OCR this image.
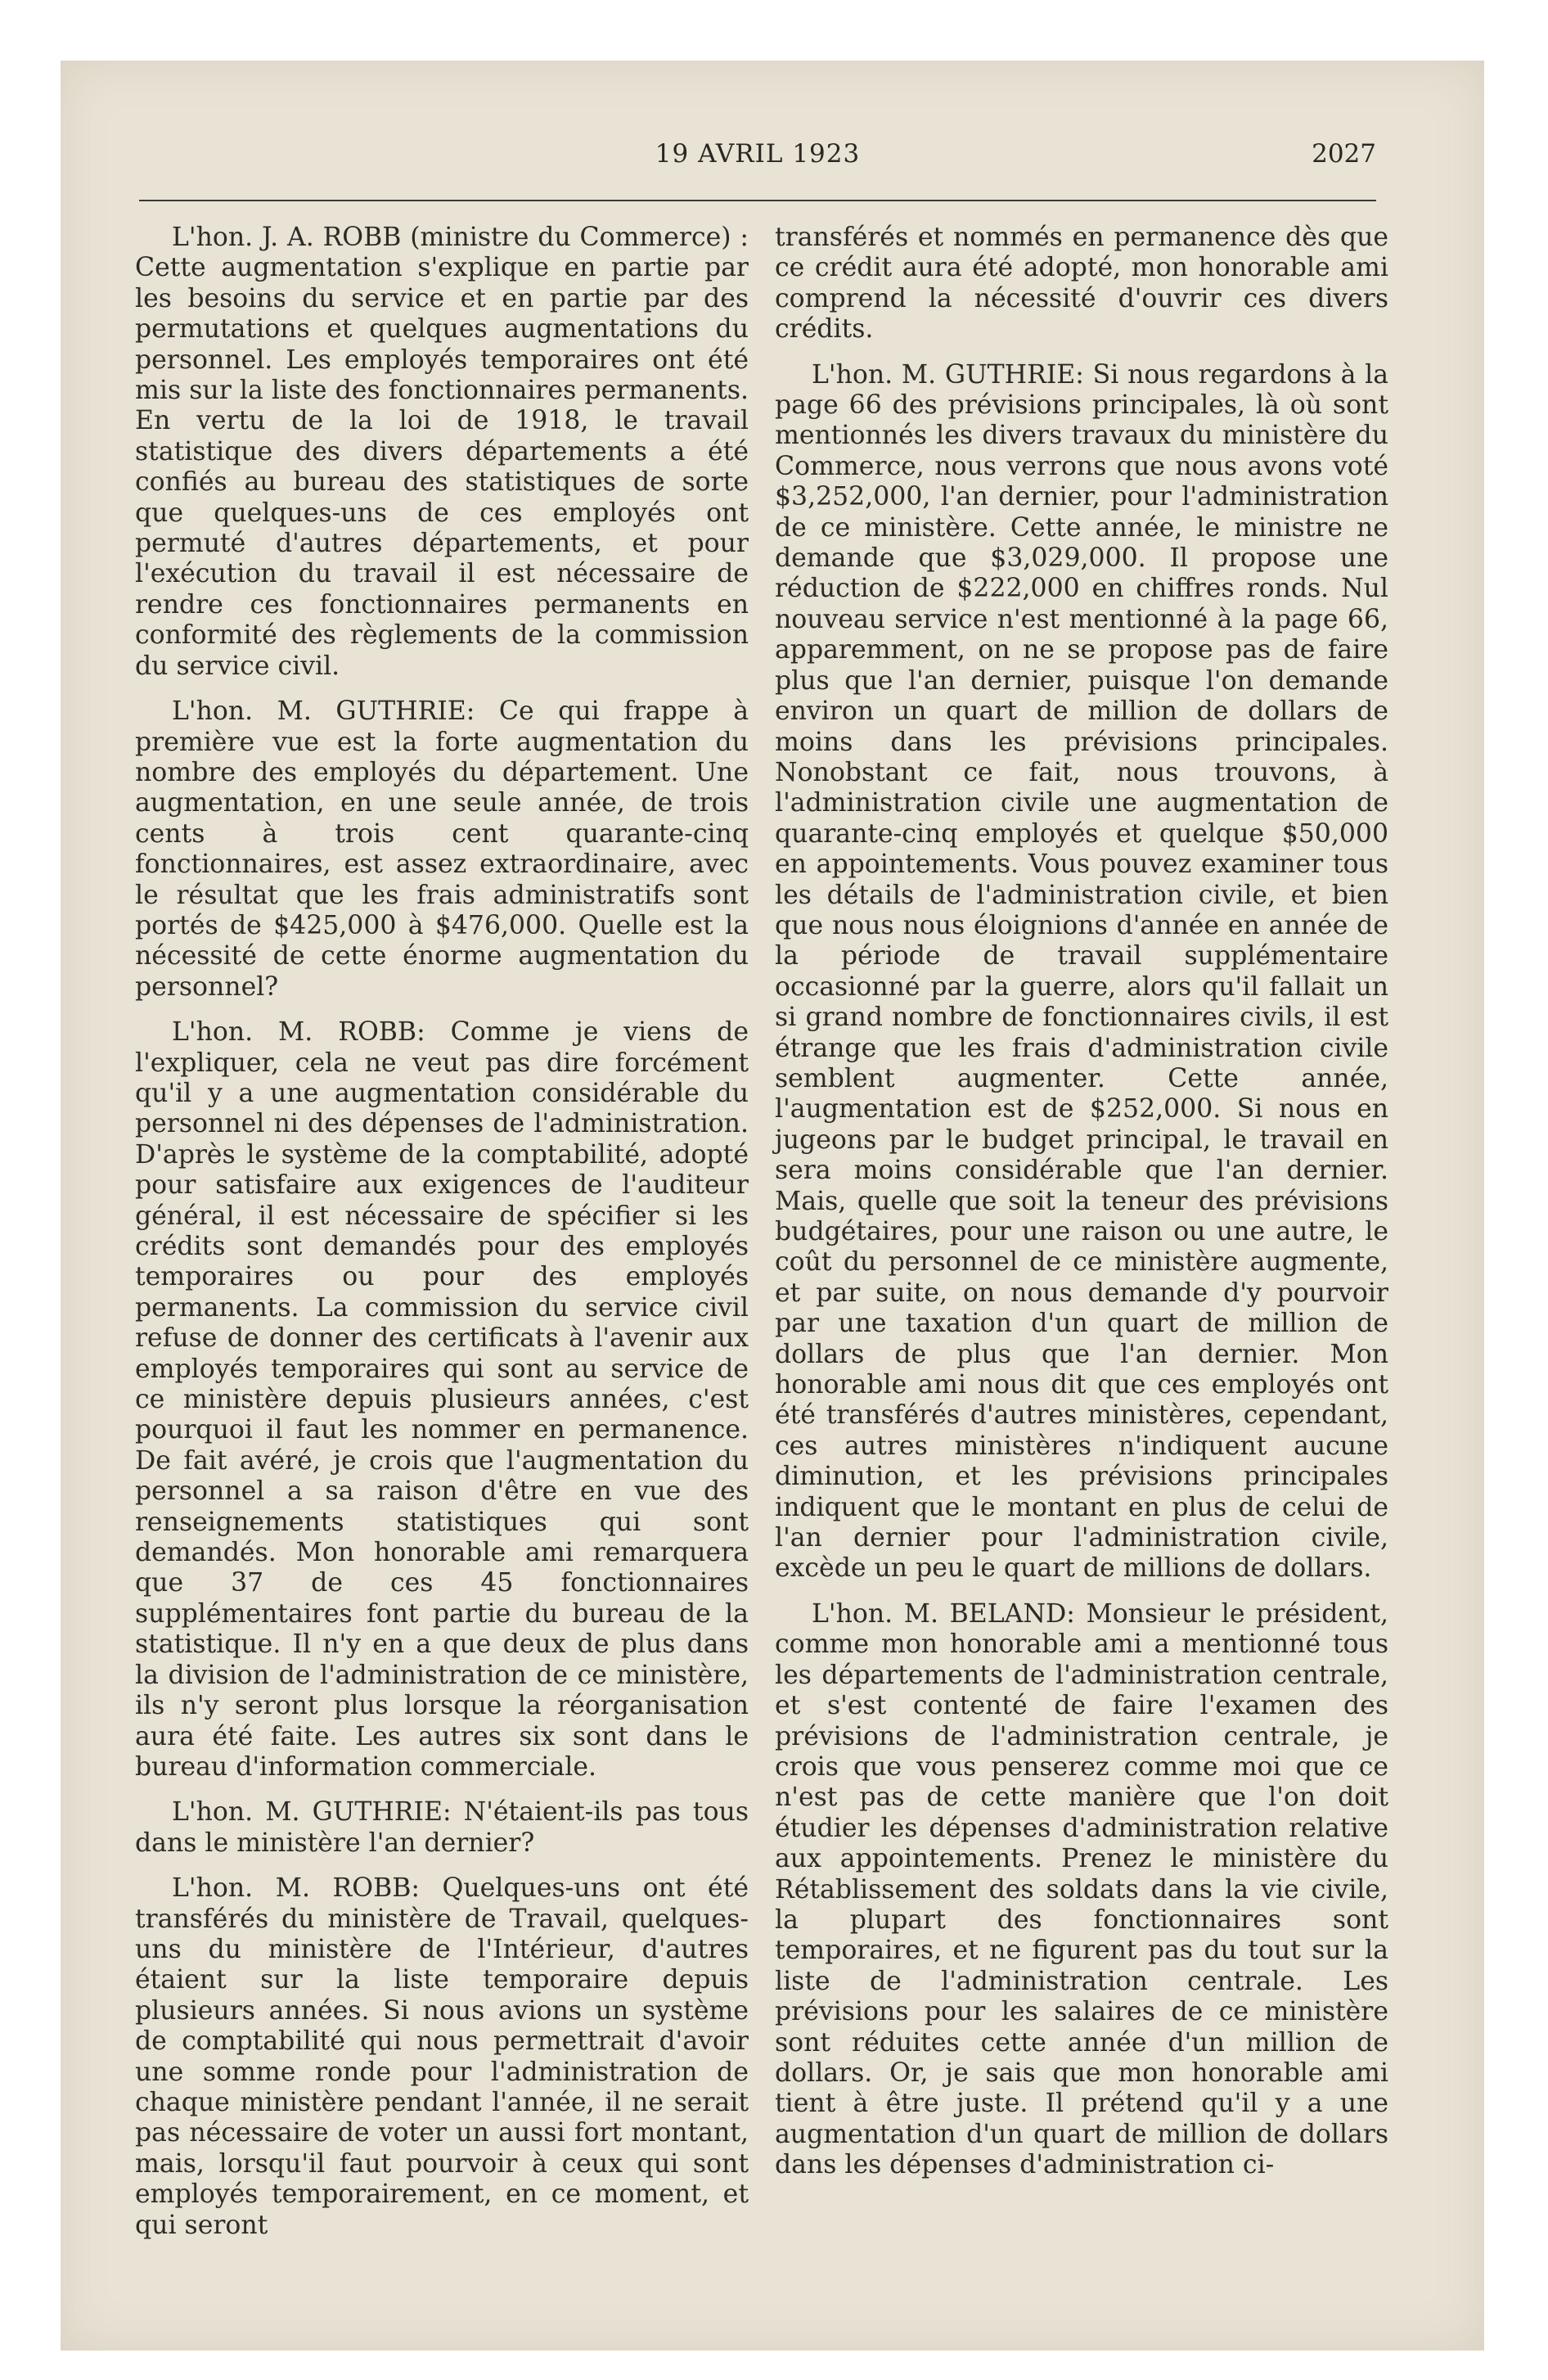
19 AVRIL 1923	2027

L'hon. J. A. ROBB (ministre du Commerce) : Cette augmentation s'explique en partie par les besoins du service et en partie par des permutations et quelques augmentations du personnel. Les employés temporaires ont été mis sur la liste des fonctionnaires permanents. En vertu de la loi de 1918, le travail statistique des divers départements a été confiés au bureau des statistiques de sorte que quelques-uns de ces employés ont permuté d'autres départements, et pour l'exécution du travail il est nécessaire de rendre ces fonctionnaires permanents en conformité des règlements de la commission du service civil.

L'hon. M. GUTHRIE: Ce qui frappe à première vue est la forte augmentation du nombre des employés du département. Une augmentation, en une seule année, de trois cents à trois cent quarante-cinq fonctionnaires, est assez extraordinaire, avec le résultat que les frais administratifs sont portés de $425,000 à $476,000. Quelle est la nécessité de cette énorme augmentation du personnel?

L'hon. M. ROBB: Comme je viens de l'expliquer, cela ne veut pas dire forcément qu'il y a une augmentation considérable du personnel ni des dépenses de l'administration. D'après le système de la comptabilité, adopté pour satisfaire aux exigences de l'auditeur général, il est nécessaire de spécifier si les crédits sont demandés pour des employés temporaires ou pour des employés permanents. La commission du service civil refuse de donner des certificats à l'avenir aux employés temporaires qui sont au service de ce ministère depuis plusieurs années, c'est pourquoi il faut les nommer en permanence. De fait avéré, je crois que l'augmentation du personnel a sa raison d'être en vue des renseignements statistiques qui sont demandés. Mon honorable ami remarquera que 37 de ces 45 fonctionnaires supplémentaires font partie du bureau de la statistique. Il n'y en a que deux de plus dans la division de l'administration de ce ministère, ils n'y seront plus lorsque la réorganisation aura été faite. Les autres six sont dans le bureau d'information commerciale.

L'hon. M. GUTHRIE: N'étaient-ils pas tous dans le ministère l'an dernier?

L'hon. M. ROBB: Quelques-uns ont été transférés du ministère de Travail, quelques-uns du ministère de l'Intérieur, d'autres étaient sur la liste temporaire depuis plusieurs années. Si nous avions un système de comptabilité qui nous permettrait d'avoir une somme ronde pour l'administration de chaque ministère pendant l'année, il ne serait pas nécessaire de voter un aussi fort montant, mais, lorsqu'il faut pourvoir à ceux qui sont employés temporairement, en ce moment, et qui seront

transférés et nommés en permanence dès que ce crédit aura été adopté, mon honorable ami comprend la nécessité d'ouvrir ces divers crédits.

L'hon. M. GUTHRIE: Si nous regardons à la page 66 des prévisions principales, là où sont mentionnés les divers travaux du ministère du Commerce, nous verrons que nous avons voté $3,252,000, l'an dernier, pour l'administration de ce ministère. Cette année, le ministre ne demande que $3,029,000. Il propose une réduction de $222,000 en chiffres ronds. Nul nouveau service n'est mentionné à la page 66, apparemment, on ne se propose pas de faire plus que l'an dernier, puisque l'on demande environ un quart de million de dollars de moins dans les prévisions principales. Nonobstant ce fait, nous trouvons, à l'administration civile une augmentation de quarante-cinq employés et quelque $50,000 en appointements. Vous pouvez examiner tous les détails de l'administration civile, et bien que nous nous éloignions d'année en année de la période de travail supplémentaire occasionné par la guerre, alors qu'il fallait un si grand nombre de fonctionnaires civils, il est étrange que les frais d'administration civile semblent augmenter. Cette année, l'augmentation est de $252,000. Si nous en jugeons par le budget principal, le travail en sera moins considérable que l'an dernier. Mais, quelle que soit la teneur des prévisions budgétaires, pour une raison ou une autre, le coût du personnel de ce ministère augmente, et par suite, on nous demande d'y pourvoir par une taxation d'un quart de million de dollars de plus que l'an dernier. Mon honorable ami nous dit que ces employés ont été transférés d'autres ministères, cependant, ces autres ministères n'indiquent aucune diminution, et les prévisions principales indiquent que le montant en plus de celui de l'an dernier pour l'administration civile, excède un peu le quart de millions de dollars.

L'hon. M. BELAND: Monsieur le président, comme mon honorable ami a mentionné tous les départements de l'administration centrale, et s'est contenté de faire l'examen des prévisions de l'administration centrale, je crois que vous penserez comme moi que ce n'est pas de cette manière que l'on doit étudier les dépenses d'administration relative aux appointements. Prenez le ministère du Rétablissement des soldats dans la vie civile, la plupart des fonctionnaires sont temporaires, et ne figurent pas du tout sur la liste de l'administration centrale. Les prévisions pour les salaires de ce ministère sont réduites cette année d'un million de dollars. Or, je sais que mon honorable ami tient à être juste. Il prétend qu'il y a une augmentation d'un quart de million de dollars dans les dépenses d'administration ci-
